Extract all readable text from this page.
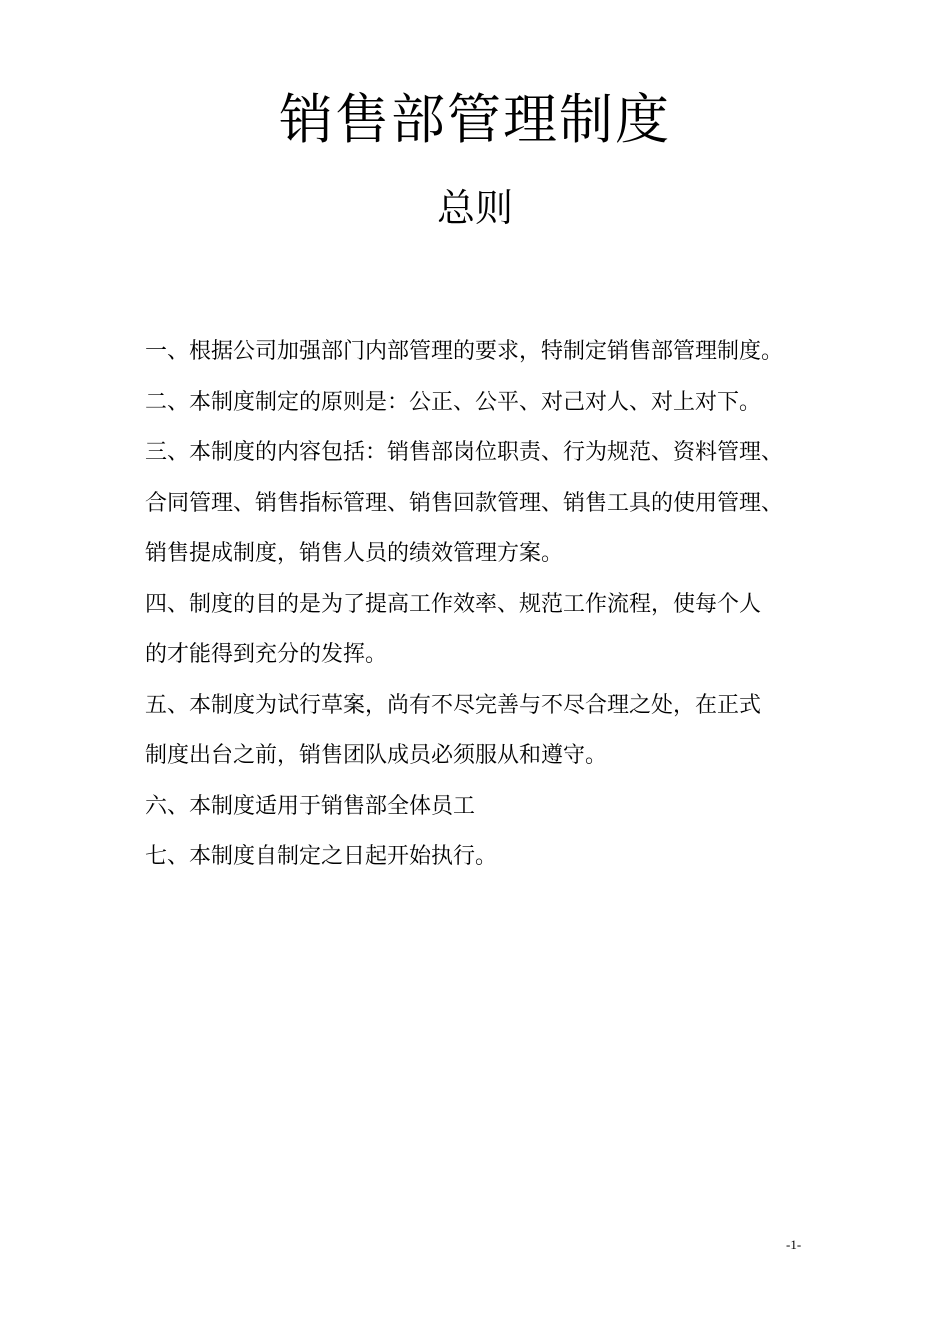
销售部管理制度
总则
一、根据公司加强部门内部管理的要求，特制定销售部管理制度。
二、本制度制定的原则是：公正、公平、对己对人、对上对下。
三、本制度的内容包括：销售部岗位职责、行为规范、资料管理、
合同管理、销售指标管理、销售回款管理、销售工具的使用管理、
销售提成制度，销售人员的绩效管理方案。
四、制度的目的是为了提高工作效率、规范工作流程，使每个人
的才能得到充分的发挥。
五、本制度为试行草案，尚有不尽完善与不尽合理之处，在正式
制度出台之前，销售团队成员必须服从和遵守。
六、本制度适用于销售部全体员工
七、本制度自制定之日起开始执行。
-1-
